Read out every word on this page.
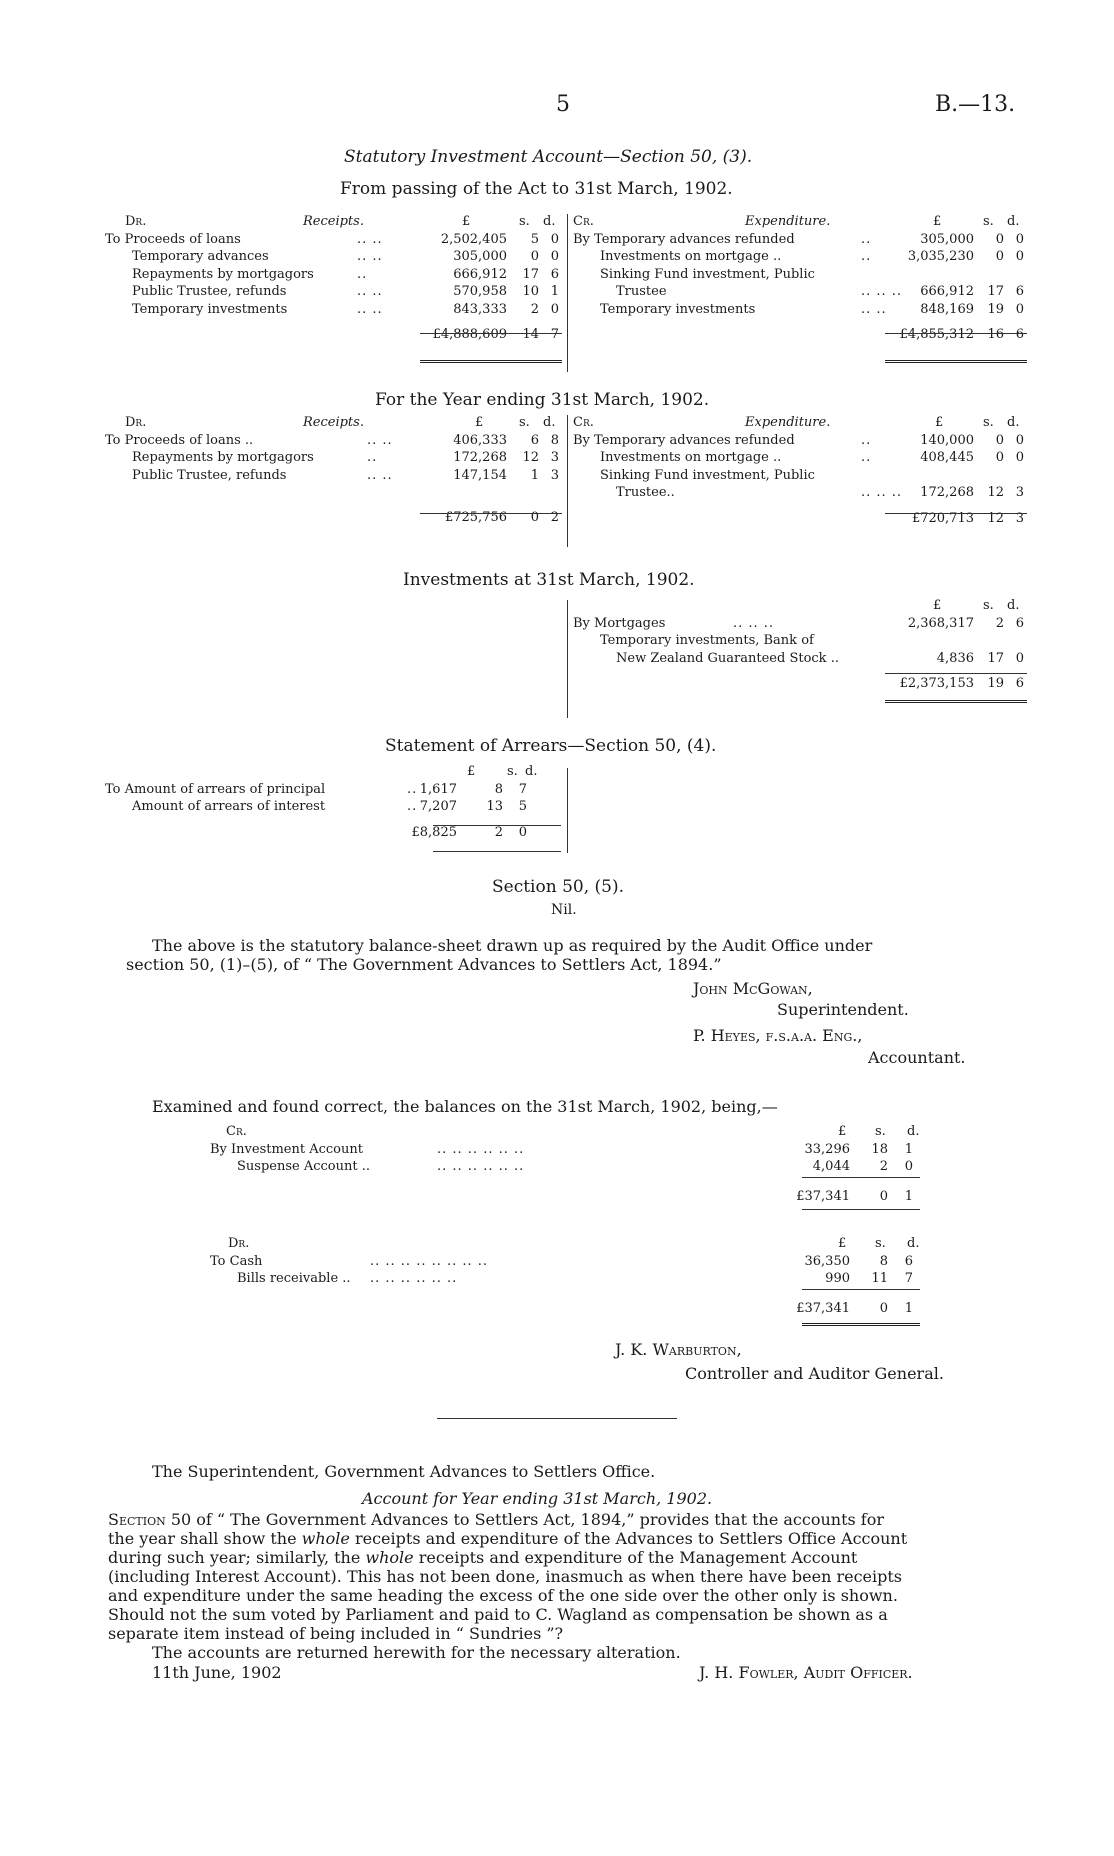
5	B.—13.
Statutory Investment Account—Section 50, (3).
From passing of the Act to 31st March, 1902.
Dr.	Receipts.	£	s. d.
To Proceeds of loans	.. ..	2,502,405 5 0
Temporary advances	.. ..	305,000 0 0
Repayments by mortgagors	..	666,912 17 6
Public Trustee, refunds	.. ..	570,958 10 1
Temporary investments	.. ..	843,333 2 0
£4,888,609 14 7
Cr.	Expenditure.	£	s. d.
By Temporary advances refunded	..	305,000 0 0
Investments on mortgage ..	..	3,035,230 0 0
Sinking Fund investment, Public
Trustee	.. .. .. 666,912 17 6
Temporary investments	.. ..	848,169 19 0
£4,855,312 16 6
For the Year ending 31st March, 1902.
Dr.	Receipts.	£	s. d.
To Proceeds of loans ..	.. ..	406,333 6 8
Repayments by mortgagors	..	172,268 12 3
Public Trustee, refunds	.. ..	147,154 1 3
£725,756 0 2
Cr.	Expenditure.	£	s. d.
By Temporary advances refunded	..	140,000 0 0
Investments on mortgage ..	..	408,445 0 0
Sinking Fund investment, Public
Trustee..	.. .. .. 172,268 12 3
£720,713 12 3
Investments at 31st March, 1902.
£	s. d.
By Mortgages	.. .. ..	2,368,317 2 6
Temporary investments, Bank of
New Zealand Guaranteed Stock ..	4,836 17 0
£2,373,153 19 6
Statement of Arrears—Section 50, (4).
£ s. d.
To Amount of arrears of principal	.. 1,617	8 7
Amount of arrears of interest	.. 7,207 13 5
£8,825	2 0
Section 50, (5).
Nil.
The above is the statutory balance-sheet drawn up as required by the Audit Office under
section 50, (1)–(5), of “ The Government Advances to Settlers Act, 1894.”
John McGowan,
Superintendent.
P. Heyes, f.s.a.a. Eng.,
Accountant.
Examined and found correct, the balances on the 31st March, 1902, being,—
Cr.	£ s. d.
By Investment Account	.. .. .. .. .. ..	33,296 18 1
Suspense Account ..	.. .. .. .. .. ..	4,044 2 0
£37,341 0 1
Dr.	£ s. d.
To Cash	.. .. .. .. .. .. .. ..	36,350 8 6
Bills receivable .. .. .. .. .. .. ..	990 11 7
£37,341 0 1
J. K. Warburton,
Controller and Auditor General.
The Superintendent, Government Advances to Settlers Office.
Account for Year ending 31st March, 1902.
Section 50 of “ The Government Advances to Settlers Act, 1894,” provides that the accounts for
the year shall show the whole receipts and expenditure of the Advances to Settlers Office Account
during such year; similarly, the whole receipts and expenditure of the Management Account
(including Interest Account). This has not been done, inasmuch as when there have been receipts
and expenditure under the same heading the excess of the one side over the other only is shown.
Should not the sum voted by Parliament and paid to C. Wagland as compensation be shown as a
separate item instead of being included in “ Sundries ”?
The accounts are returned herewith for the necessary alteration.
11th June, 1902	J. H. Fowler, Audit Officer.
